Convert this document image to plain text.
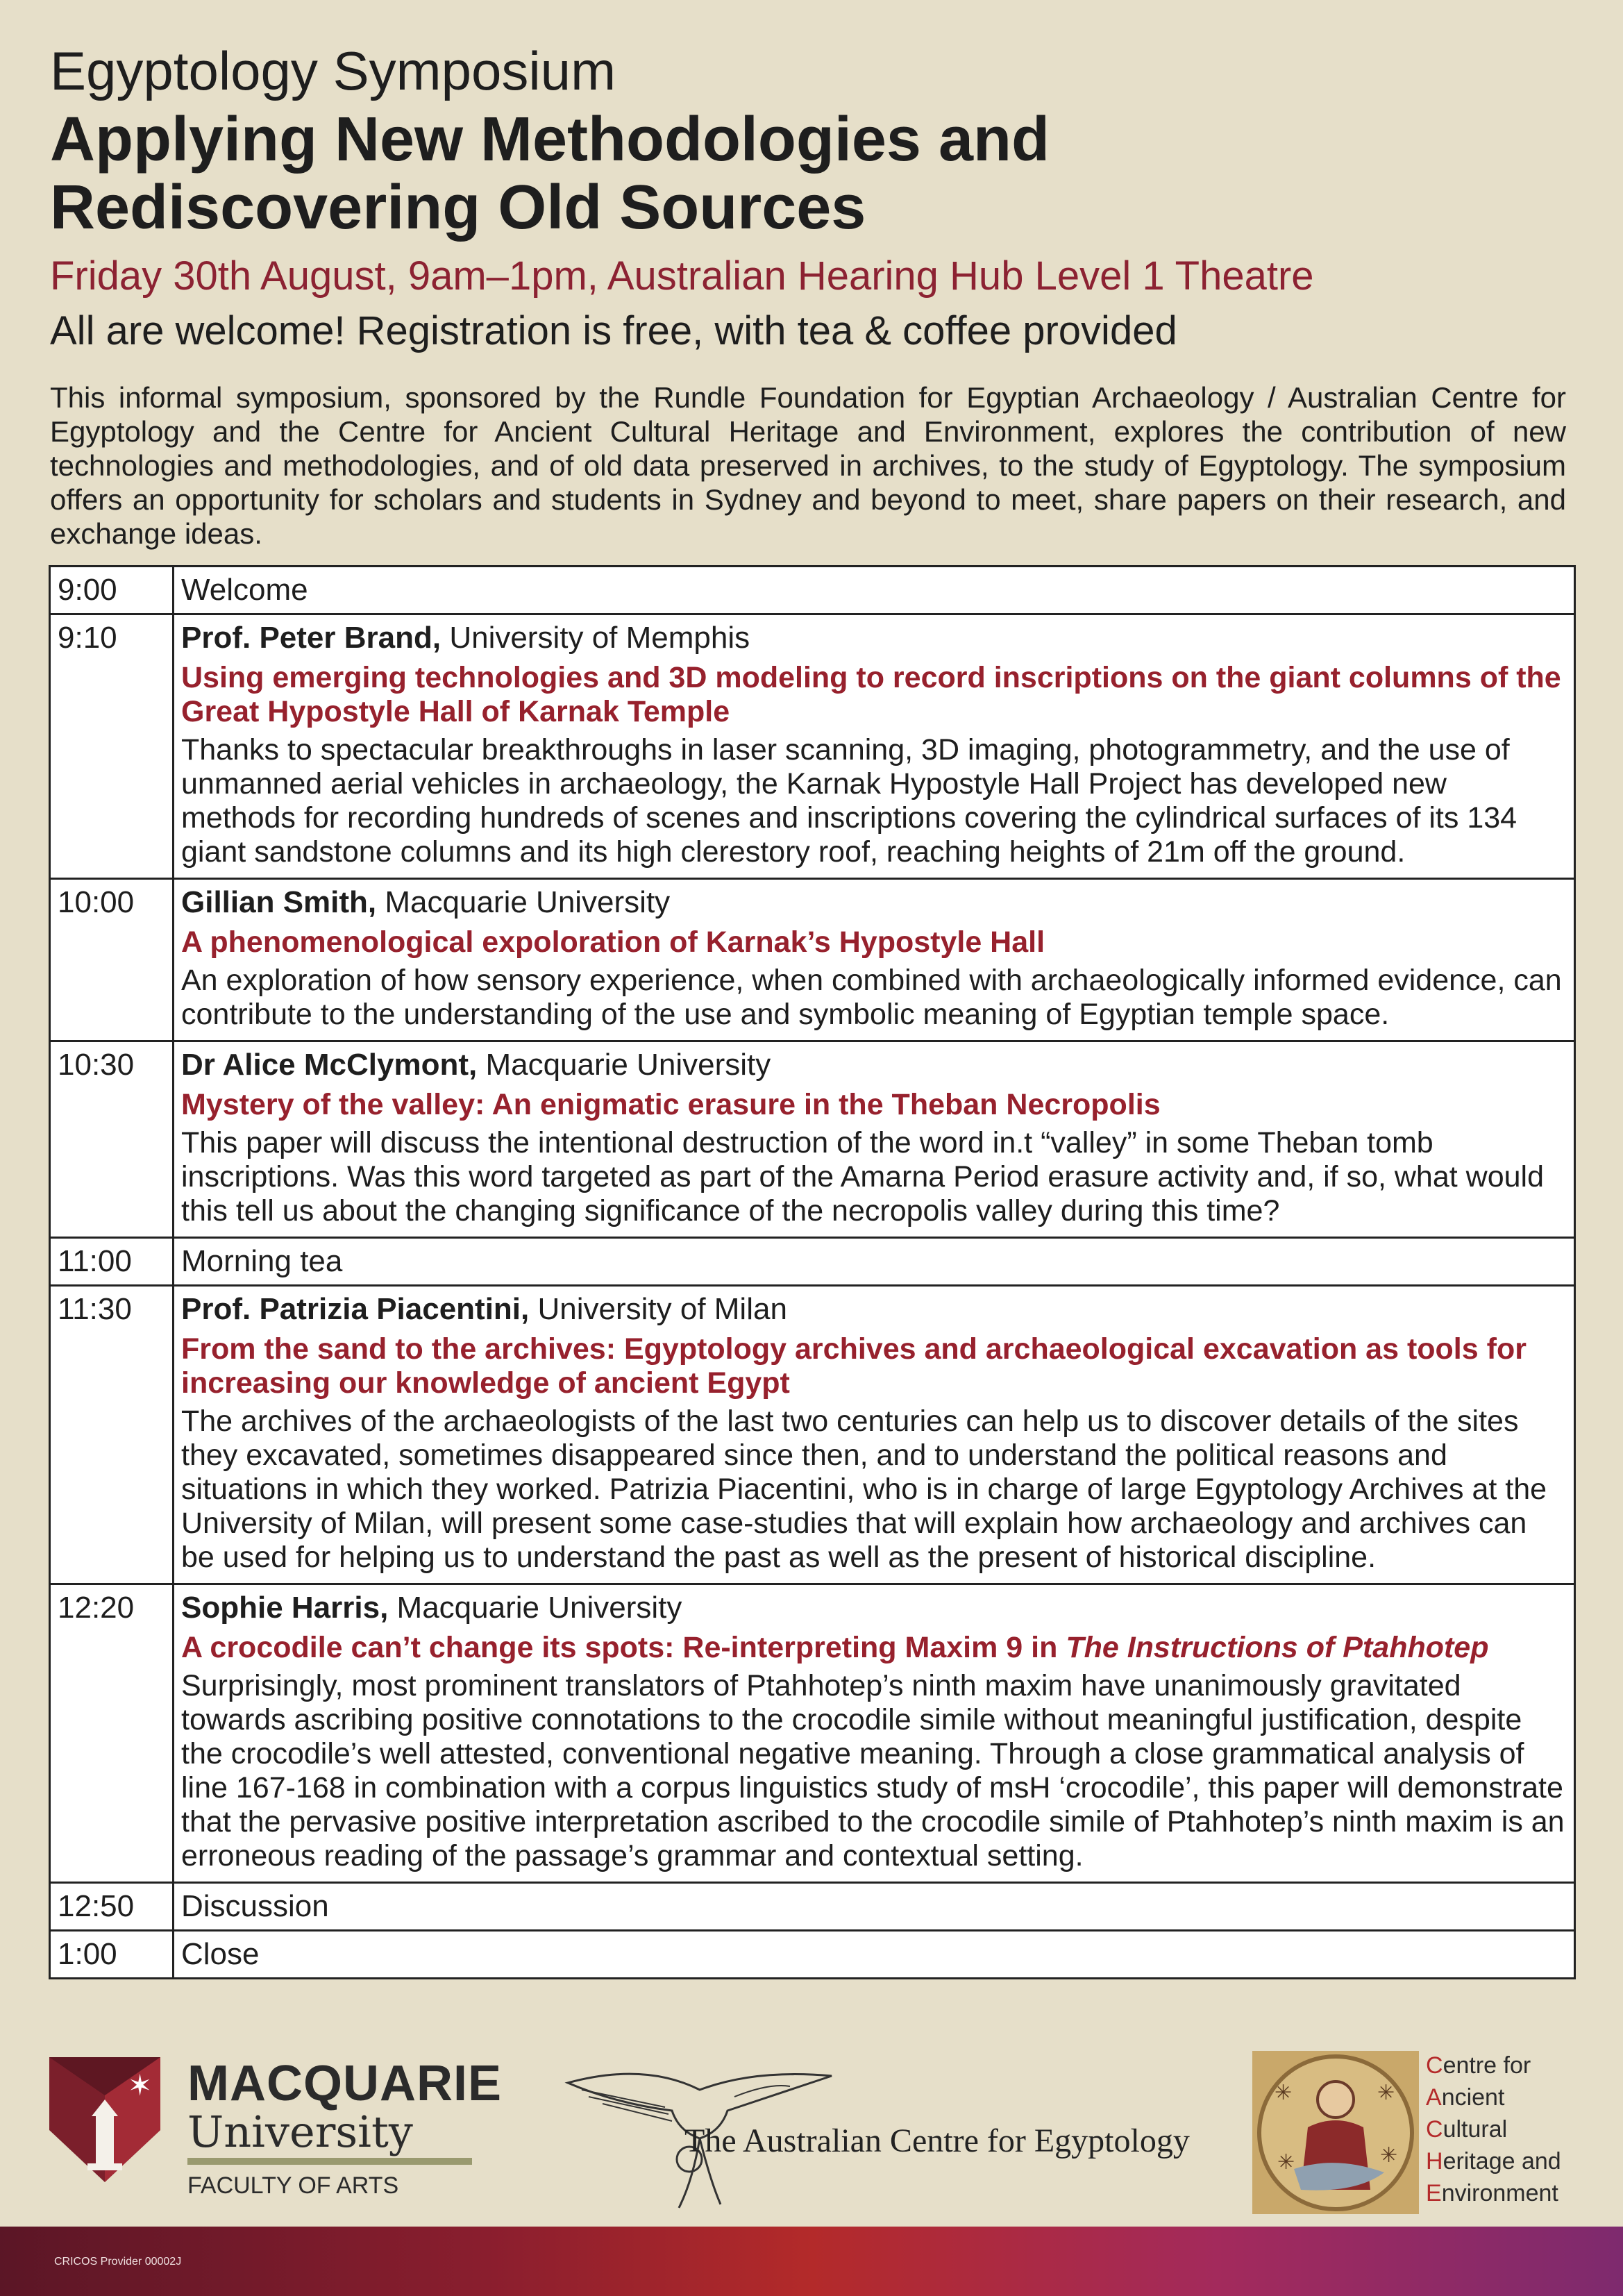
Egyptology Symposium
Applying New Methodologies and
Rediscovering Old Sources
Friday 30th August, 9am–1pm, Australian Hearing Hub Level 1 Theatre
All are welcome! Registration is free, with tea & coffee provided
This informal symposium, sponsored by the Rundle Foundation for Egyptian Archaeology / Australian Centre for Egyptology and the Centre for Ancient Cultural Heritage and Environment, explores the contribution of new technologies and methodologies, and of old data preserved in archives, to the study of Egyptology. The symposium offers an opportunity for scholars and students in Sydney and beyond to meet, share papers on their research, and exchange ideas.
9:00	Welcome
9:10	Prof. Peter Brand, University of Memphis
Using emerging technologies and 3D modeling to record inscriptions on the giant columns of the Great Hypostyle Hall of Karnak Temple
Thanks to spectacular breakthroughs in laser scanning, 3D imaging, photogrammetry, and the use of unmanned aerial vehicles in archaeology, the Karnak Hypostyle Hall Project has developed new methods for recording hundreds of scenes and inscriptions covering the cylindrical surfaces of its 134 giant sandstone columns and its high clerestory roof, reaching heights of 21m off the ground.

10:00	Gillian Smith, Macquarie University
A phenomenological expoloration of Karnak’s Hypostyle Hall
An exploration of how sensory experience, when combined with archaeologically informed evidence, can contribute to the understanding of the use and symbolic meaning of Egyptian temple space.

10:30	Dr Alice McClymont, Macquarie University
Mystery of the valley: An enigmatic erasure in the Theban Necropolis
This paper will discuss the intentional destruction of the word in.t “valley” in some Theban tomb inscriptions. Was this word targeted as part of the Amarna Period erasure activity and, if so, what would this tell us about the changing significance of the necropolis valley during this time?

11:00	Morning tea
11:30	Prof. Patrizia Piacentini, University of Milan
From the sand to the archives: Egyptology archives and archaeological excavation as tools for increasing our knowledge of ancient Egypt
The archives of the archaeologists of the last two centuries can help us to discover details of the sites they excavated, sometimes disappeared since then, and to understand the political reasons and situations in which they worked. Patrizia Piacentini, who is in charge of large Egyptology Archives at the University of Milan, will present some case-studies that will explain how archaeology and archives can be used for helping us to understand the past as well as the present of historical discipline.

12:20	Sophie Harris, Macquarie University
A crocodile can’t change its spots: Re-interpreting Maxim 9 in The Instructions of Ptahhotep
Surprisingly, most prominent translators of Ptahhotep’s ninth maxim have unanimously gravitated towards ascribing positive connotations to the crocodile simile without meaningful justification, despite the crocodile’s well attested, conventional negative meaning. Through a close grammatical analysis of line 167-168 in combination with a corpus linguistics study of msH ‘crocodile’, this paper will demonstrate that the pervasive positive interpretation ascribed to the crocodile simile of Ptahhotep’s ninth maxim is an erroneous reading of the passage’s grammar and contextual setting.

12:50	Discussion
1:00	Close
✶ MACQUARIE
University
FACULTY OF ARTS
The Australian Centre for Egyptology
✳	✳
✳	✳
Centre for
Ancient
Cultural
Heritage and
Environment
CRICOS Provider 00002J
